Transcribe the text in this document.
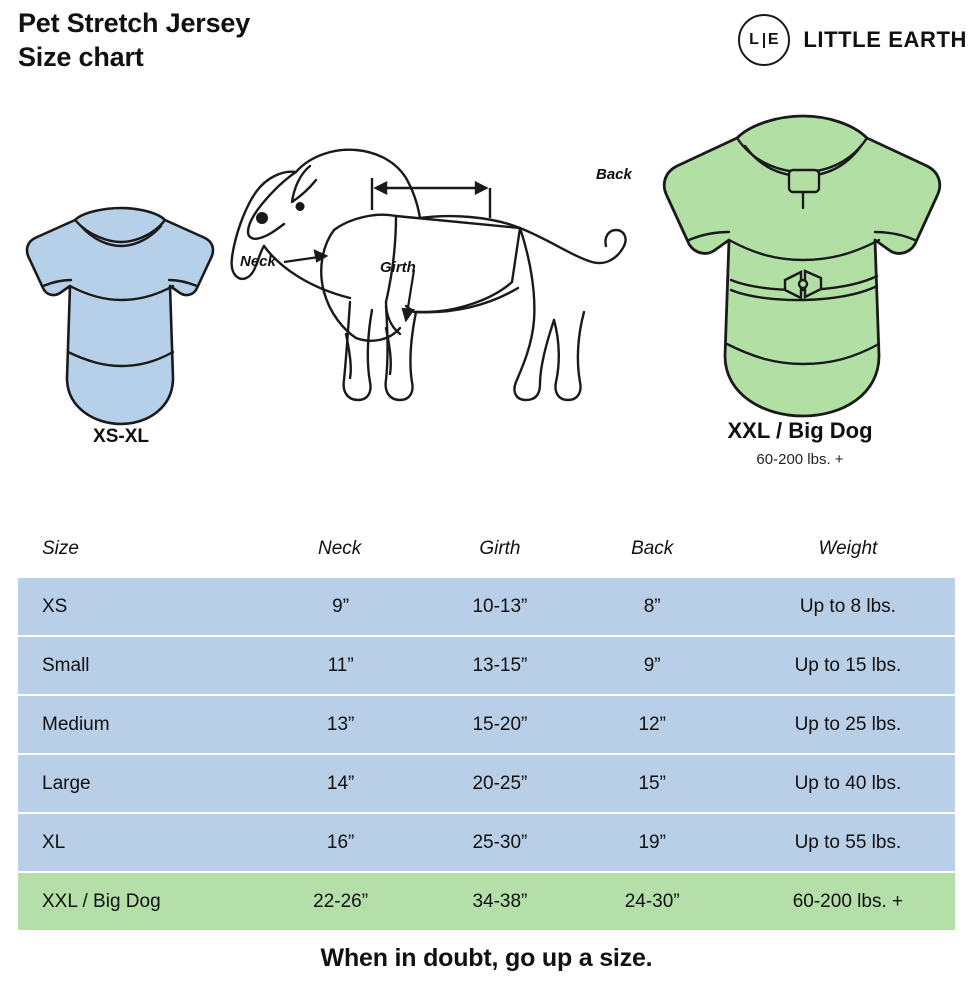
Pet Stretch Jersey
Size chart
L E LITTLE EARTH
XS-XL
Back
Neck	Girth
XXL / Big Dog
60-200 lbs. +
Size	Neck	Girth	Back	Weight
XS	9”	10-13”	8”	Up to 8 lbs.
Small	11”	13-15”	9”	Up to 15 lbs.
Medium	13”	15-20”	12”	Up to 25 lbs.
Large	14”	20-25”	15”	Up to 40 lbs.
XL	16”	25-30”	19”	Up to 55 lbs.
XXL / Big Dog	22-26”	34-38”	24-30”	60-200 lbs. +
When in doubt, go up a size.
